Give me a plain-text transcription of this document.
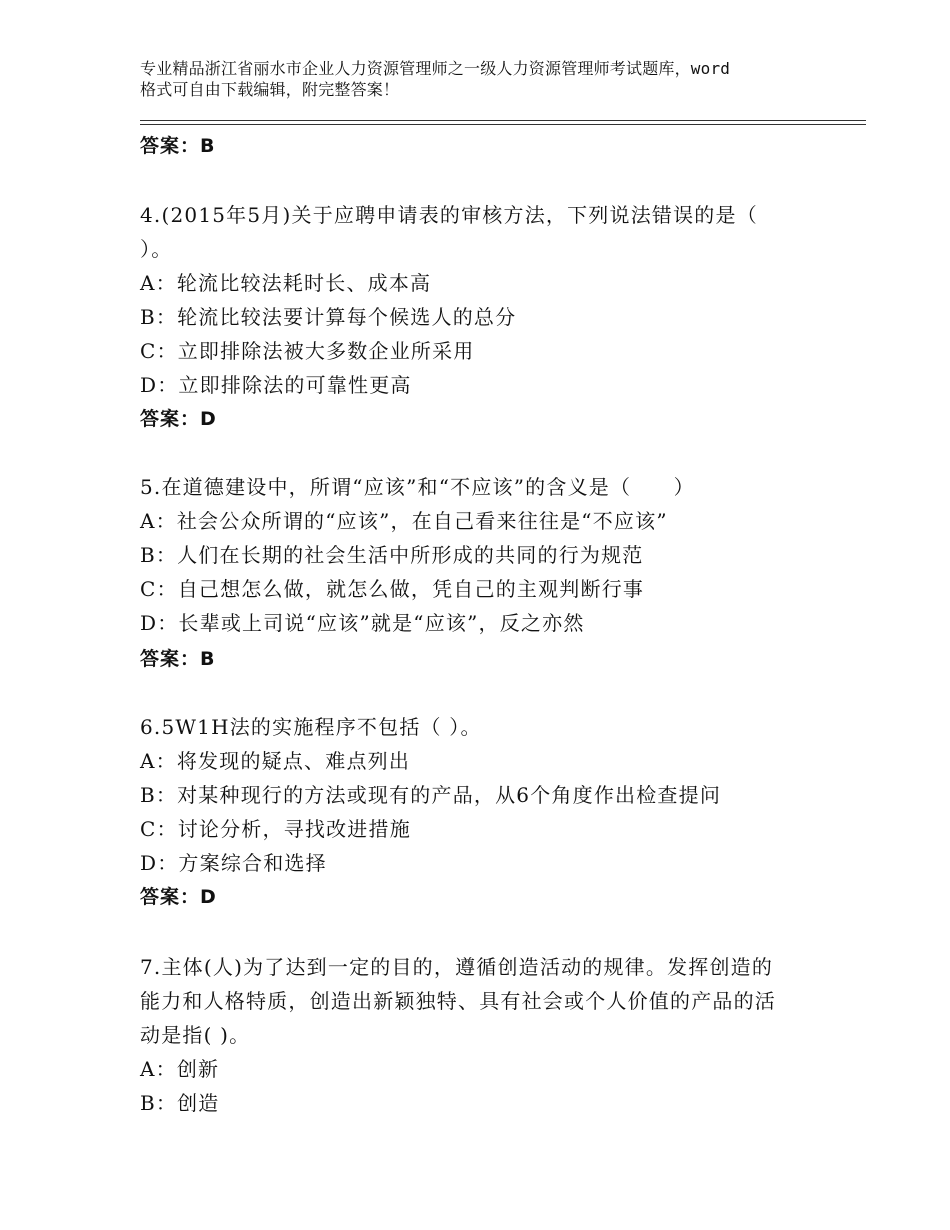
专业精品浙江省丽水市企业人力资源管理师之一级人力资源管理师考试题库，word
格式可自由下载编辑，附完整答案！
答案：B
4.(2015年5月)关于应聘申请表的审核方法，下列说法错误的是（
）。
A：轮流比较法耗时长、成本高
B：轮流比较法要计算每个候选人的总分
C：立即排除法被大多数企业所采用
D：立即排除法的可靠性更高
答案：D
5.在道德建设中，所谓“应该”和“不应该”的含义是（　　）
A：社会公众所谓的“应该”，在自己看来往往是“不应该”
B：人们在长期的社会生活中所形成的共同的行为规范
C：自己想怎么做，就怎么做，凭自己的主观判断行事
D：长辈或上司说“应该”就是“应该”，反之亦然
答案：B
6.5W1H法的实施程序不包括（ ）。
A：将发现的疑点、难点列出
B：对某种现行的方法或现有的产品，从6个角度作出检查提问
C：讨论分析，寻找改进措施
D：方案综合和选择
答案：D
7.主体(人)为了达到一定的目的，遵循创造活动的规律。发挥创造的
能力和人格特质，创造出新颖独特、具有社会或个人价值的产品的活
动是指( )。
A：创新
B：创造
